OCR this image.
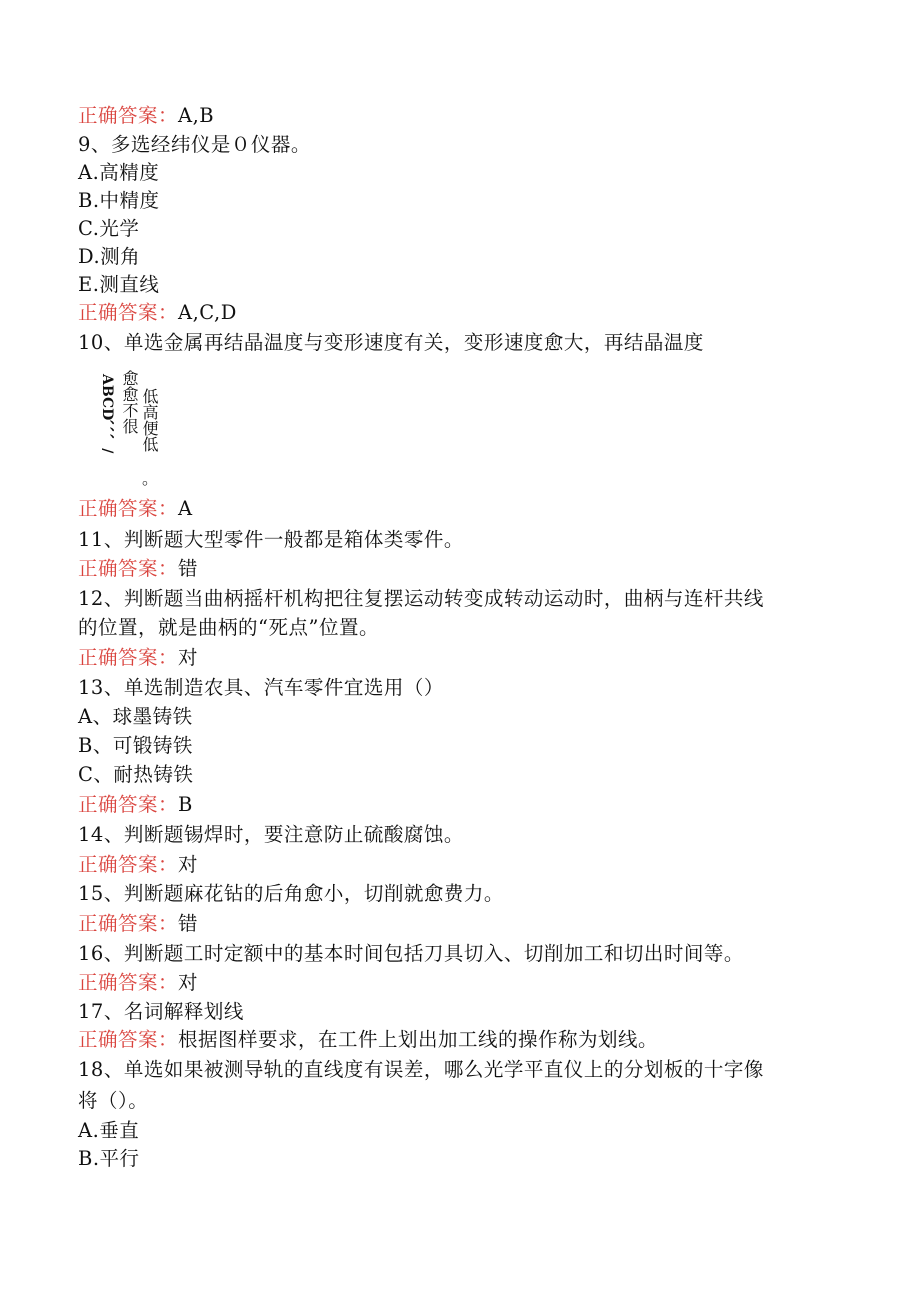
正确答案：A,B
9、多选经纬仪是０仪器。
A.高精度
B.中精度
C.光学
D.测角
E.测直线
正确答案：A,C,D
10、单选金属再结晶温度与变形速度有关，变形速度愈大，再结晶温度
ABCD、、、/ 愈愈不很 低高便低
。
正确答案：A
11、判断题大型零件一般都是箱体类零件。
正确答案：错
12、判断题当曲柄摇杆机构把往复摆运动转变成转动运动时，曲柄与连杆共线
的位置，就是曲柄的“死点”位置。
正确答案：对
13、单选制造农具、汽车零件宜选用（）
A、球墨铸铁
B、可锻铸铁
C、耐热铸铁
正确答案：B
14、判断题锡焊时，要注意防止硫酸腐蚀。
正确答案：对
15、判断题麻花钻的后角愈小，切削就愈费力。
正确答案：错
16、判断题工时定额中的基本时间包括刀具切入、切削加工和切出时间等。
正确答案：对
17、名词解释划线
正确答案：根据图样要求，在工件上划出加工线的操作称为划线。
18、单选如果被测导轨的直线度有误差，哪么光学平直仪上的分划板的十字像
将（）。
A.垂直
B.平行
